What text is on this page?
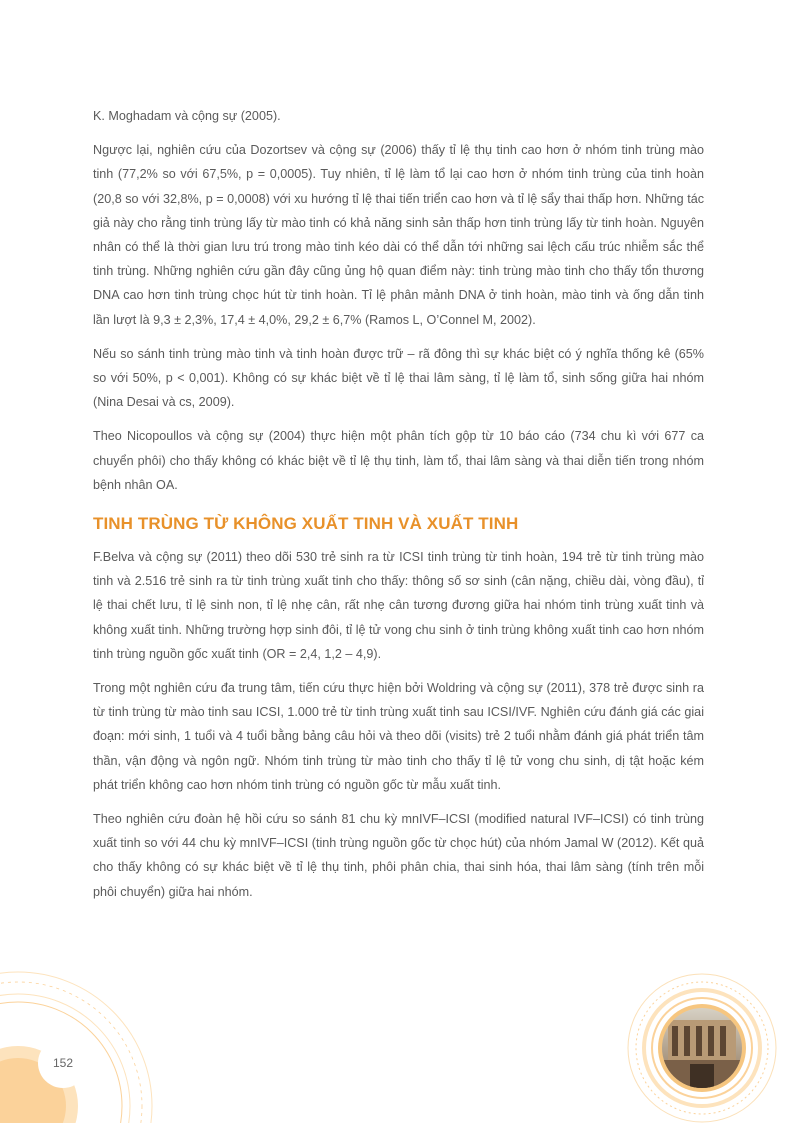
K. Moghadam và cộng sự (2005).

Ngược lại, nghiên cứu của Dozortsev và cộng sự (2006) thấy tỉ lệ thụ tinh cao hơn ở nhóm tinh trùng mào tinh (77,2% so với 67,5%, p = 0,0005). Tuy nhiên, tỉ lệ làm tổ lại cao hơn ở nhóm tinh trùng của tinh hoàn (20,8 so với 32,8%, p = 0,0008) với xu hướng tỉ lệ thai tiến triển cao hơn và tỉ lệ sẩy thai thấp hơn. Những tác giả này cho rằng tinh trùng lấy từ mào tinh có khả năng sinh sản thấp hơn tinh trùng lấy từ tinh hoàn. Nguyên nhân có thể là thời gian lưu trú trong mào tinh kéo dài có thể dẫn tới những sai lệch cấu trúc nhiễm sắc thể tinh trùng. Những nghiên cứu gần đây cũng ủng hộ quan điểm này: tinh trùng mào tinh cho thấy tổn thương DNA cao hơn tinh trùng chọc hút từ tinh hoàn. Tỉ lệ phân mảnh DNA ở tinh hoàn, mào tinh và ống dẫn tinh lần lượt là 9,3 ± 2,3%, 17,4 ± 4,0%, 29,2 ± 6,7% (Ramos L, O’Connel M, 2002).

Nếu so sánh tinh trùng mào tinh và tinh hoàn được trữ – rã đông thì sự khác biệt có ý nghĩa thống kê (65% so với 50%, p < 0,001). Không có sự khác biệt về tỉ lệ thai lâm sàng, tỉ lệ làm tổ, sinh sống giữa hai nhóm (Nina Desai và cs, 2009).

Theo Nicopoullos và cộng sự (2004) thực hiện một phân tích gộp từ 10 báo cáo (734 chu kì với 677 ca chuyển phôi) cho thấy không có khác biệt về tỉ lệ thụ tinh, làm tổ, thai lâm sàng và thai diễn tiến trong nhóm bệnh nhân OA.

TINH TRÙNG TỪ KHÔNG XUẤT TINH VÀ XUẤT TINH

F.Belva và cộng sự (2011) theo dõi 530 trẻ sinh ra từ ICSI tinh trùng từ tinh hoàn, 194 trẻ từ tinh trùng mào tinh và 2.516 trẻ sinh ra từ tinh trùng xuất tinh cho thấy: thông số sơ sinh (cân nặng, chiều dài, vòng đầu), tỉ lệ thai chết lưu, tỉ lệ sinh non, tỉ lệ nhẹ cân, rất nhẹ cân tương đương giữa hai nhóm tinh trùng xuất tinh và không xuất tinh. Những trường hợp sinh đôi, tỉ lệ tử vong chu sinh ở tinh trùng không xuất tinh cao hơn nhóm tinh trùng nguồn gốc xuất tinh (OR = 2,4, 1,2 – 4,9).

Trong một nghiên cứu đa trung tâm, tiến cứu thực hiện bởi Woldring và cộng sự (2011), 378 trẻ được sinh ra từ tinh trùng từ mào tinh sau ICSI, 1.000 trẻ từ tinh trùng xuất tinh sau ICSI/IVF. Nghiên cứu đánh giá các giai đoạn: mới sinh, 1 tuổi và 4 tuổi bằng bảng câu hỏi và theo dõi (visits) trẻ 2 tuổi nhằm đánh giá phát triển tâm thần, vận động và ngôn ngữ. Nhóm tinh trùng từ mào tinh cho thấy tỉ lệ tử vong chu sinh, dị tật hoặc kém phát triển không cao hơn nhóm tinh trùng có nguồn gốc từ mẫu xuất tinh.

Theo nghiên cứu đoàn hệ hồi cứu so sánh 81 chu kỳ mnIVF–ICSI (modified natural IVF–ICSI) có tinh trùng xuất tinh so với 44 chu kỳ mnIVF–ICSI (tinh trùng nguồn gốc từ chọc hút) của nhóm Jamal W (2012). Kết quả cho thấy không có sự khác biệt về tỉ lệ thụ tinh, phôi phân chia, thai sinh hóa, thai lâm sàng (tính trên mỗi phôi chuyển) giữa hai nhóm.

152
